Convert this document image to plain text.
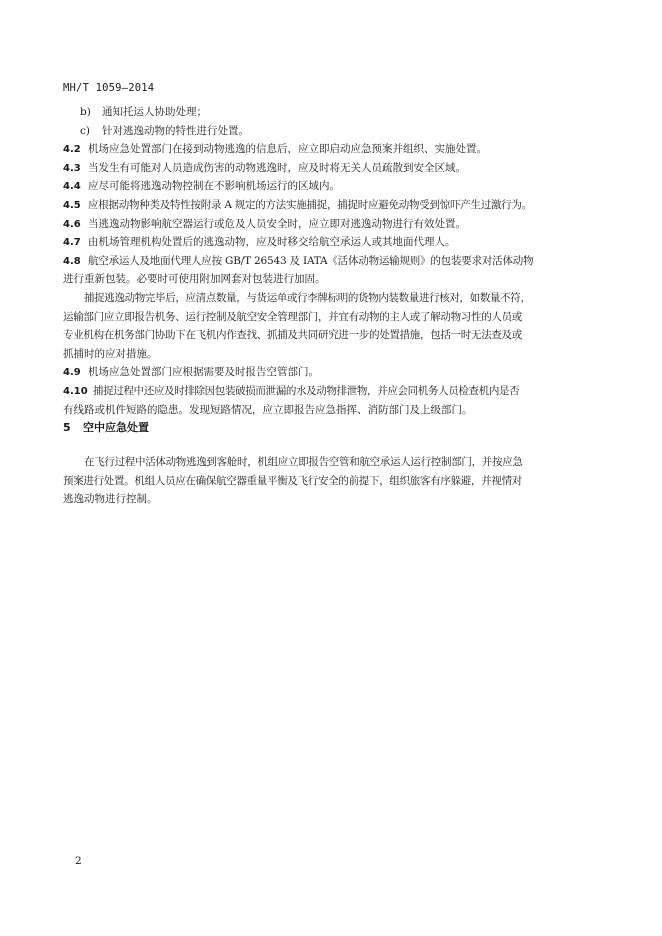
MH/T 1059—2014
b) 通知托运人协助处理；
c) 针对逃逸动物的特性进行处置。
4.2 机场应急处置部门在接到动物逃逸的信息后，应立即启动应急预案并组织、实施处置。
4.3 当发生有可能对人员造成伤害的动物逃逸时，应及时将无关人员疏散到安全区域。
4.4 应尽可能将逃逸动物控制在不影响机场运行的区域内。
4.5 应根据动物种类及特性按附录 A 规定的方法实施捕捉，捕捉时应避免动物受到惊吓产生过激行为。
4.6 当逃逸动物影响航空器运行或危及人员安全时，应立即对逃逸动物进行有效处置。
4.7 由机场管理机构处置后的逃逸动物，应及时移交给航空承运人或其地面代理人。
4.8 航空承运人及地面代理人应按 GB/T 26543 及 IATA《活体动物运输规则》的包装要求对活体动物
进行重新包装。必要时可使用附加网套对包装进行加固。
捕捉逃逸动物完毕后，应清点数量，与货运单或行李牌标明的货物内装数量进行核对，如数量不符，
运输部门应立即报告机务、运行控制及航空安全管理部门，并宜有动物的主人或了解动物习性的人员或
专业机构在机务部门协助下在飞机内作查找、抓捕及共同研究进一步的处置措施，包括一时无法查及或
抓捕时的应对措施。
4.9 机场应急处置部门应根据需要及时报告空管部门。
4.10 捕捉过程中还应及时排除因包装破损而泄漏的水及动物排泄物，并应会同机务人员检查机内是否
有线路或机件短路的隐患。发现短路情况，应立即报告应急指挥、消防部门及上级部门。
5 空中应急处置
在飞行过程中活体动物逃逸到客舱时，机组应立即报告空管和航空承运人运行控制部门，并按应急
预案进行处置。机组人员应在确保航空器重量平衡及飞行安全的前提下，组织旅客有序躲避，并视情对
逃逸动物进行控制。
2
